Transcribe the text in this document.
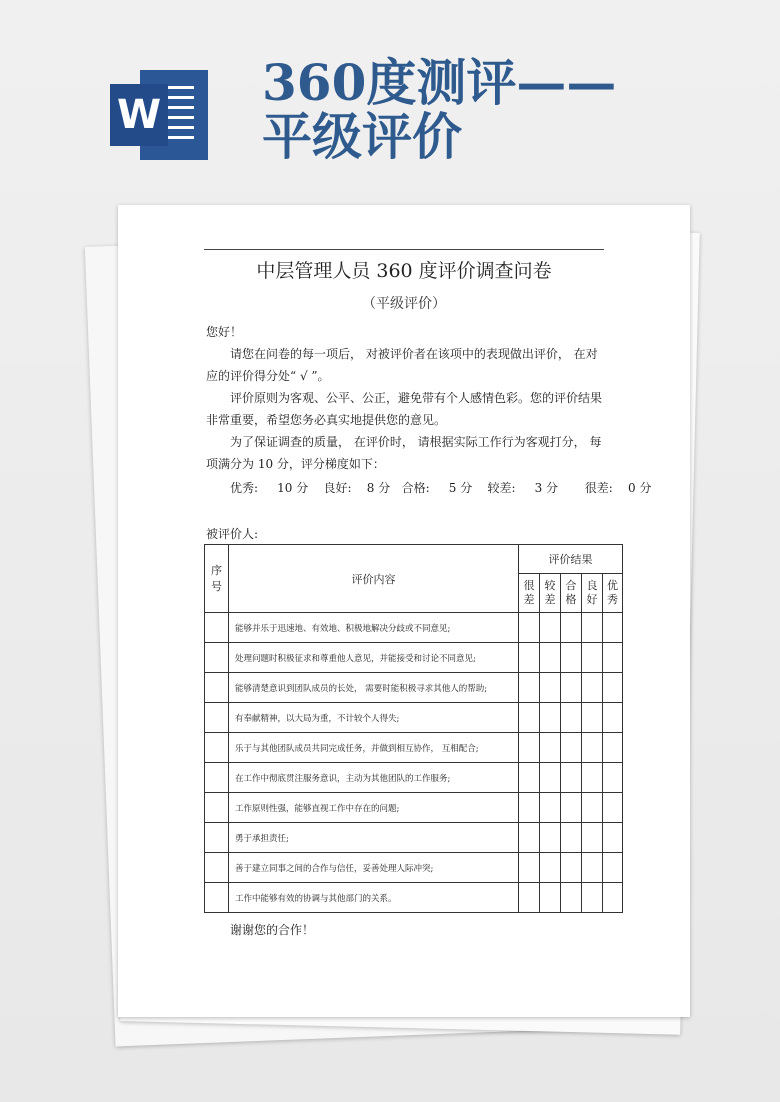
W
360度测评——
平级评价
中层管理人员 360 度评价调查问卷
（平级评价）
您好！
请您在问卷的每一项后， 对被评价者在该项中的表现做出评价， 在对应的评价得分处“ √ ”。
评价原则为客观、公平、公正，避免带有个人感情色彩。您的评价结果非常重要，希望您务必真实地提供您的意见。
为了保证调查的质量， 在评价时， 请根据实际工作行为客观打分， 每项满分为 10 分，评分梯度如下：
优秀:     10 分    良好:    8 分   合格:     5 分    较差:     3 分       很差:    0 分
被评价人:
序号	评价内容	评价结果				
		很差	较差	合格	良好	优秀
	能够并乐于迅速地、有效地、积极地解决分歧或不同意见;					
	处理问题时积极征求和尊重他人意见，并能接受和讨论不同意见;					
	能够清楚意识到团队成员的长处， 需要时能积极寻求其他人的帮助;					
	有奉献精神，以大局为重，不计较个人得失;					
	乐于与其他团队成员共同完成任务，并做到相互协作， 互相配合;					
	在工作中彻底贯注服务意识，主动为其他团队的工作服务;					
	工作原则性强，能够直视工作中存在的问题;					
	勇于承担责任;					
	善于建立同事之间的合作与信任，妥善处理人际冲突;					
	工作中能够有效的协调与其他部门的关系。					
谢谢您的合作！
